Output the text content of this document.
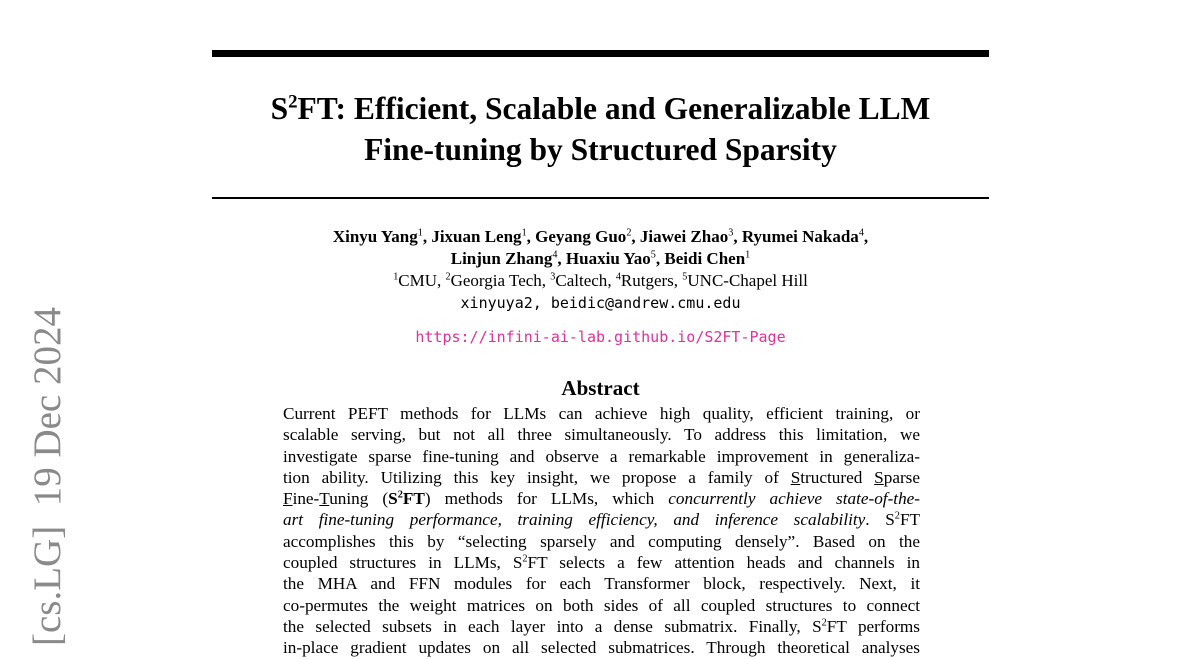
$S^2FT$: Efficient, Scalable and Generalizable LLM
Fine-tuning by Structured Sparsity
Xinyu Yang$^1$, Jixuan Leng$^1$, Geyang Guo$^2$, Jiawei Zhao$^3$, Ryumei Nakada$^4$,
Linjun Zhang$^4$, Huaxiu Yao$^5$, Beidi Chen$^1$
$^1$CMU, $^2$Georgia Tech, $^3$Caltech, $^4$Rutgers, $^5$UNC-Chapel Hill
xinyuya2, beidic@andrew.cmu.edu
https://infini-ai-lab.github.io/S2FT-Page
Abstract
Current PEFT methods for LLMs can achieve high quality, efficient training, or
scalable serving, but not all three simultaneously. To address this limitation, we
investigate sparse fine-tuning and observe a remarkable improvement in generaliza-
tion ability. Utilizing this key insight, we propose a family of Structured Sparse
Fine-Tuning $(S^2FT)$ methods for LLMs, which concurrently achieve state-of-the-
art fine-tuning performance, training efficiency, and inference scalability. $S^2FT$
accomplishes this by “selecting sparsely and computing densely”. Based on the
coupled structures in LLMs, $S^2FT$ selects a few attention heads and channels in
the MHA and FFN modules for each Transformer block, respectively. Next, it
co-permutes the weight matrices on both sides of all coupled structures to connect
the selected subsets in each layer into a dense submatrix. Finally, $S^2FT$ performs
in-place gradient updates on all selected submatrices. Through theoretical analyses
[cs.LG]  19 Dec 2024
